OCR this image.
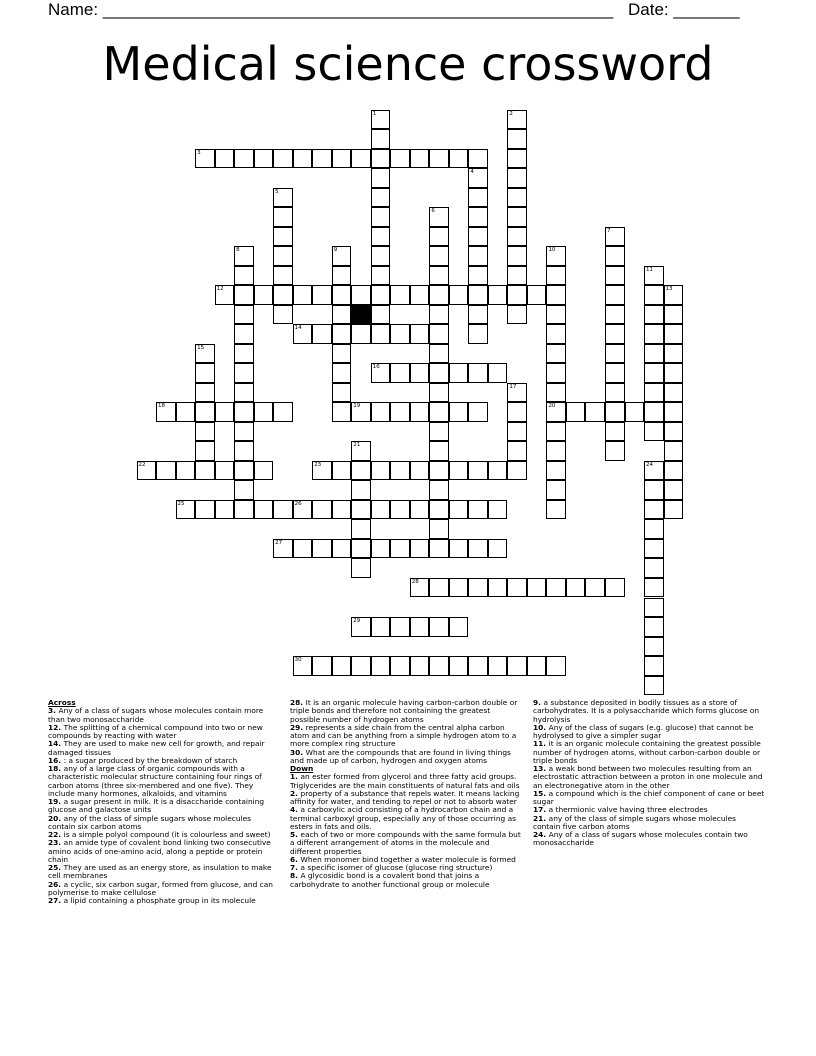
Name: ______________________________________________________ Date: _______
Medical science crossword
1	2
3
4
5
6
7
8	9	10
20
11
12	13
14
15
16
17
18	19
21
22	23	24
25	26
27
28
29
30
Across

3. Any of a class of sugars whose molecules contain more than two monosaccharide

12. The splitting of a chemical compound into two or new compounds by reacting with water

14. They are used to make new cell for growth, and repair damaged tissues

16. : a sugar produced by the breakdown of starch

18. any of a large class of organic compounds with a characteristic molecular structure containing four rings of carbon atoms (three six-membered and one five). They include many hormones, alkaloids, and vitamins

19. a sugar present in milk. It is a disaccharide containing glucose and galactose units

20. any of the class of simple sugars whose molecules contain six carbon atoms

22. is a simple polyol compound (it is colourless and sweet)

23. an amide type of covalent bond linking two consecutive amino acids of one-amino acid, along a peptide or protein chain

25. They are used as an energy store, as insulation to make cell membranes

26. a cyclic, six carbon sugar, formed from glucose, and can polymerise to make cellulose

27. a lipid containing a phosphate group in its molecule

28. It is an organic molecule having carbon-carbon double or triple bonds and therefore not containing the greatest possible number of hydrogen atoms

29. represents a side chain from the central alpha carbon atom and can be anything from a simple hydrogen atom to a more complex ring structure

30. What are the compounds that are found in living things and made up of carbon, hydrogen and oxygen atoms

Down

1. an ester formed from glycerol and three fatty acid groups. Triglycerides are the main constituents of natural fats and oils

2. property of a substance that repels water. It means lacking affinity for water, and tending to repel or not to absorb water

4. a carboxylic acid consisting of a hydrocarbon chain and a terminal carboxyl group, especially any of those occurring as esters in fats and oils.

5. each of two or more compounds with the same formula but a different arrangement of atoms in the molecule and different properties

6. When monomer bind together a water molecule is formed

7. a specific isomer of glucose (glucose ring structure)

8. A glycosidic bond is a covalent bond that joins a carbohydrate to another functional group or molecule

9. a substance deposited in bodily tissues as a store of carbohydrates. It is a polysaccharide which forms glucose on hydrolysis

10. Any of the class of sugars (e.g. glucose) that cannot be hydrolysed to give a simpler sugar

11. it is an organic molecule containing the greatest possible number of hydrogen atoms, without carbon-carbon double or triple bonds

13. a weak bond between two molecules resulting from an electrostatic attraction between a proton in one molecule and an electronegative atom in the other

15. a compound which is the chief component of cane or beet sugar

17. a thermionic valve having three electrodes

21. any of the class of simple sugars whose molecules contain five carbon atoms

24. Any of a class of sugars whose molecules contain two monosaccharide
